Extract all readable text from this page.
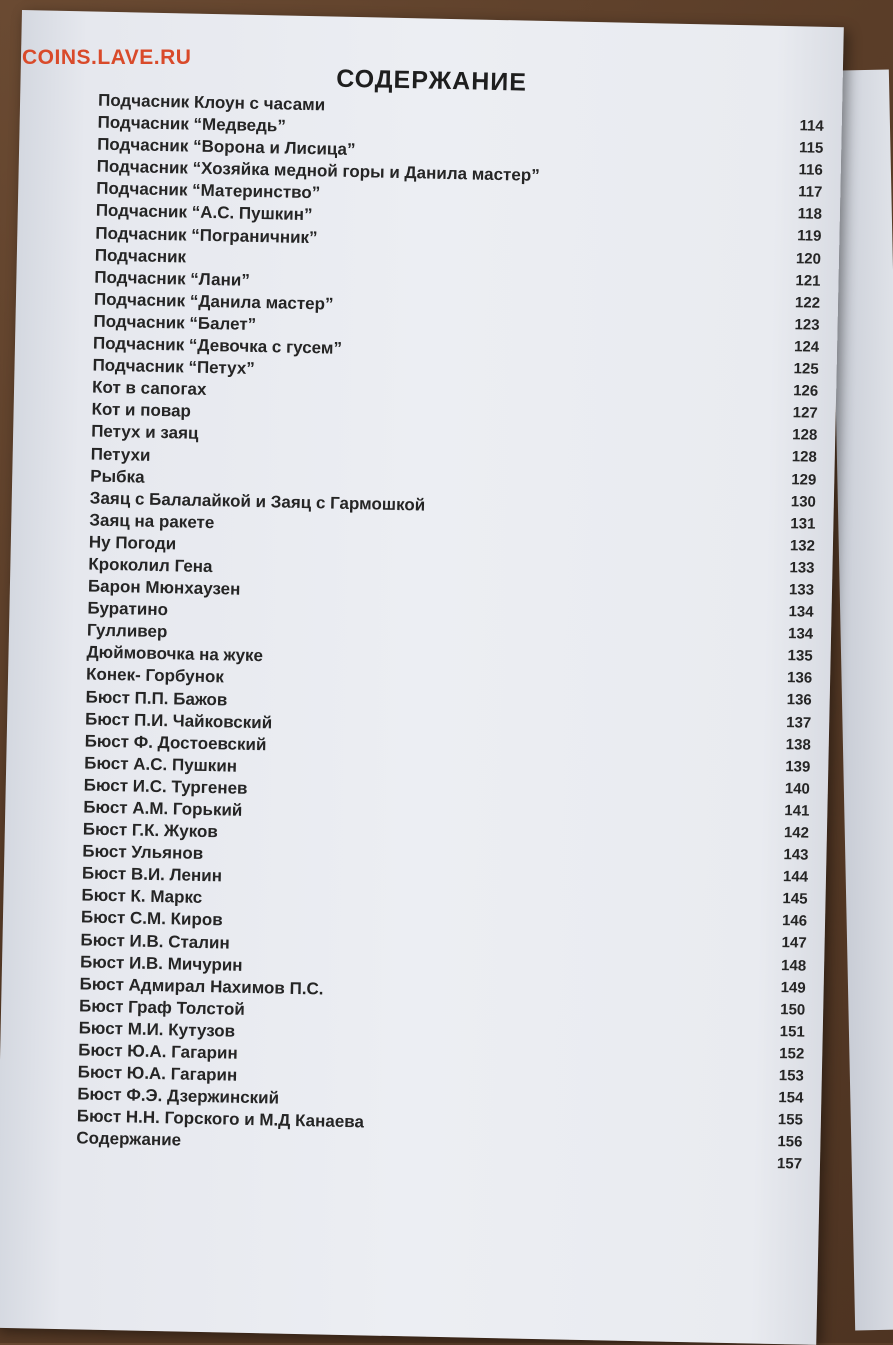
СОДЕРЖАНИЕ
Подчасник Клоун с часами
114
Подчасник “Медведь”
115
Подчасник “Ворона и Лисица”
116
Подчасник “Хозяйка медной горы и Данила мастер”
117
Подчасник “Материнство”
118
Подчасник “А.С. Пушкин”
119
Подчасник “Пограничник”
120
Подчасник
121
Подчасник “Лани”
122
Подчасник “Данила мастер”
123
Подчасник “Балет”
124
Подчасник “Девочка с гусем”
125
Подчасник “Петух”
126
Кот в сапогах
127
Кот и повар
128
Петух и заяц
128
Петухи
129
Рыбка
130
Заяц с Балалайкой и Заяц с Гармошкой
131
Заяц на ракете
132
Ну Погоди
133
Кроколил Гена
133
Барон Мюнхаузен
134
Буратино
134
Гулливер
135
Дюймовочка на жуке
136
Конек- Горбунок
136
Бюст П.П. Бажов
137
Бюст П.И. Чайковский
138
Бюст Ф. Достоевский
139
Бюст А.С. Пушкин
140
Бюст И.С. Тургенев
141
Бюст А.М. Горький
142
Бюст Г.К. Жуков
143
Бюст Ульянов
144
Бюст В.И. Ленин
145
Бюст К. Маркс
146
Бюст С.М. Киров
147
Бюст И.В. Сталин
148
Бюст И.В. Мичурин
149
Бюст Адмирал Нахимов П.С.
150
Бюст Граф Толстой
151
Бюст М.И. Кутузов
152
Бюст Ю.А. Гагарин
153
Бюст Ю.А. Гагарин
154
Бюст Ф.Э. Дзержинский
155
Бюст Н.Н. Горского и М.Д Канаева
156
Содержание
157

COINS.LAVE.RU
